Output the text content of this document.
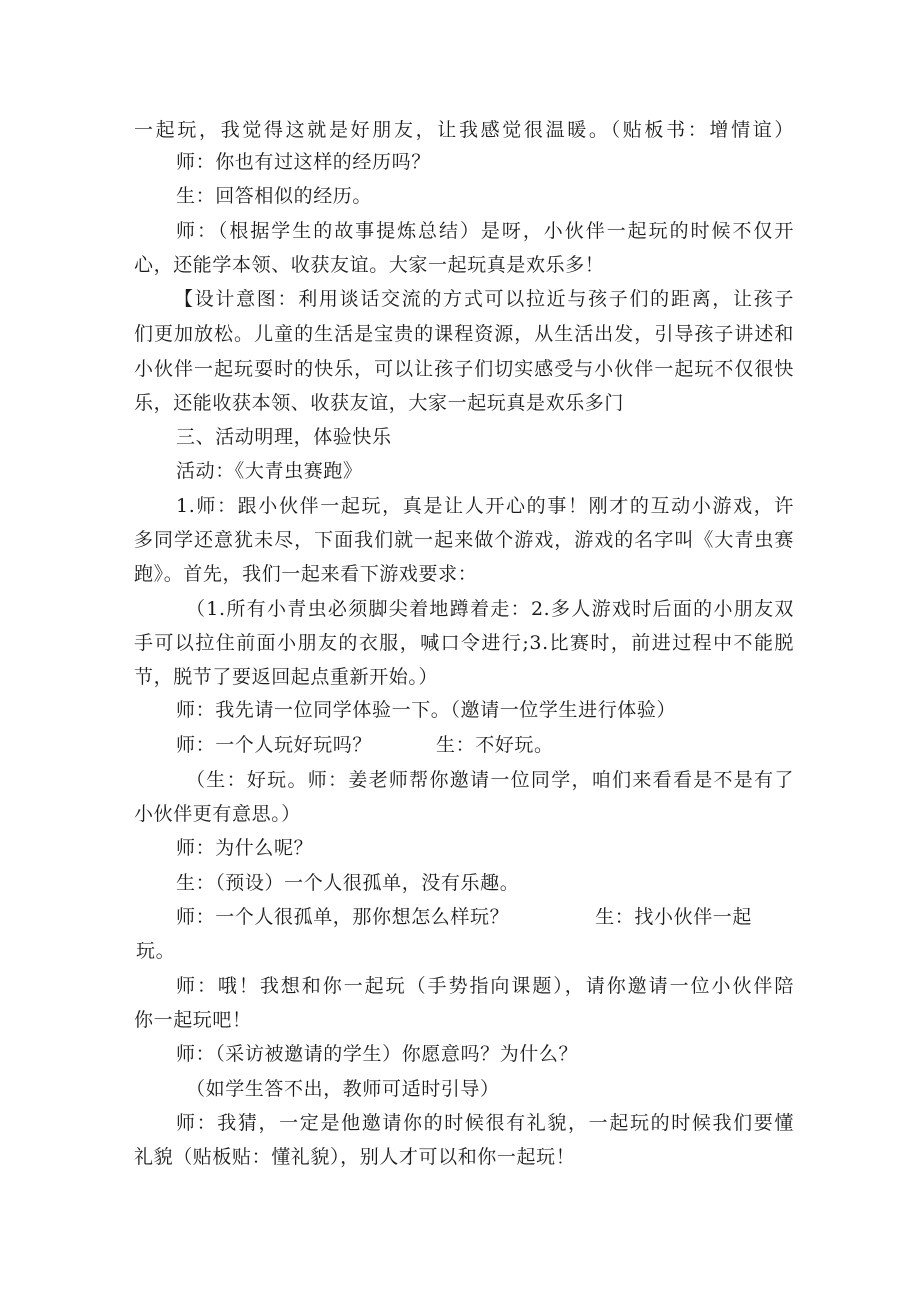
一起玩，我觉得这就是好朋友，让我感觉很温暖。（贴板书：增情谊）
师：你也有过这样的经历吗？
生：回答相似的经历。
师：（根据学生的故事提炼总结）是呀，小伙伴一起玩的时候不仅开
心，还能学本领、收获友谊。大家一起玩真是欢乐多！
【设计意图：利用谈话交流的方式可以拉近与孩子们的距离，让孩子
们更加放松。儿童的生活是宝贵的课程资源，从生活出发，引导孩子讲述和
小伙伴一起玩耍时的快乐，可以让孩子们切实感受与小伙伴一起玩不仅很快
乐，还能收获本领、收获友谊，大家一起玩真是欢乐多门
三、活动明理，体验快乐
活动：《大青虫赛跑》
1.师：跟小伙伴一起玩，真是让人开心的事！刚才的互动小游戏，许
多同学还意犹未尽，下面我们就一起来做个游戏，游戏的名字叫《大青虫赛
跑》。首先，我们一起来看下游戏要求：
（1.所有小青虫必须脚尖着地蹲着走：2.多人游戏时后面的小朋友双
手可以拉住前面小朋友的衣服，喊口令进行;3.比赛时，前进过程中不能脱
节，脱节了要返回起点重新开始。）
师：我先请一位同学体验一下。（邀请一位学生进行体验）
师：一个人玩好玩吗？	生：不好玩。
（生：好玩。师：姜老师帮你邀请一位同学，咱们来看看是不是有了
小伙伴更有意思。）
师：为什么呢？
生：（预设）一个人很孤单，没有乐趣。
师：一个人很孤单，那你想怎么样玩？	生：找小伙伴一起
玩。
师：哦！我想和你一起玩（手势指向课题），请你邀请一位小伙伴陪
你一起玩吧！
师：（采访被邀请的学生）你愿意吗？为什么？
（如学生答不出，教师可适时引导）
师：我猜，一定是他邀请你的时候很有礼貌，一起玩的时候我们要懂
礼貌（贴板贴：懂礼貌），别人才可以和你一起玩！
